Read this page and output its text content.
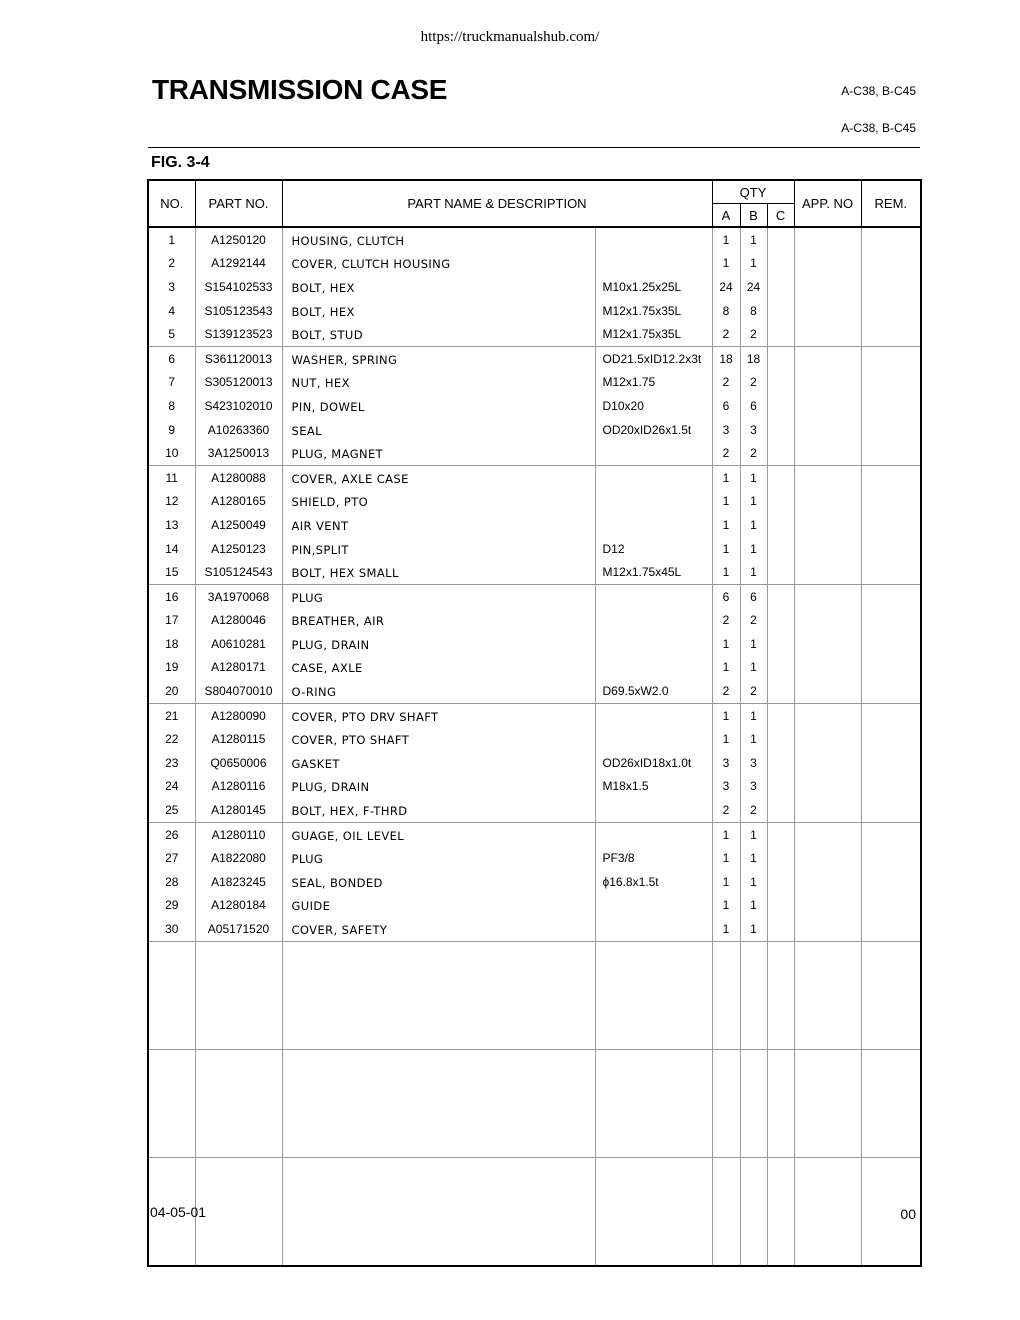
https://truckmanualshub.com/
TRANSMISSION CASE	A-C38, B-C45
A-C38, B-C45
FIG. 3-4
NO.	PART NO.	PART NAME & DESCRIPTION		QTY			APP. NO	REM.
				A	B	C		
1	A1250120	HOUSING, CLUTCH		1	1			
2	A1292144	COVER, CLUTCH HOUSING		1	1			
3	S154102533	BOLT, HEX	M10x1.25x25L	24	24			
4	S105123543	BOLT, HEX	M12x1.75x35L	8	8			
5	S139123523	BOLT, STUD	M12x1.75x35L	2	2			
6	S361120013	WASHER, SPRING	OD21.5xID12.2x3t	18	18			
7	S305120013	NUT, HEX	M12x1.75	2	2			
8	S423102010	PIN, DOWEL	D10x20	6	6			
9	A10263360	SEAL	OD20xID26x1.5t	3	3			
10	3A1250013	PLUG, MAGNET		2	2			
11	A1280088	COVER, AXLE CASE		1	1			
12	A1280165	SHIELD, PTO		1	1			
13	A1250049	AIR VENT		1	1			
14	A1250123	PIN,SPLIT	D12	1	1			
15	S105124543	BOLT, HEX SMALL	M12x1.75x45L	1	1			
16	3A1970068	PLUG		6	6			
17	A1280046	BREATHER, AIR		2	2			
18	A0610281	PLUG, DRAIN		1	1			
19	A1280171	CASE, AXLE		1	1			
20	S804070010	O-RING	D69.5xW2.0	2	2			
21	A1280090	COVER, PTO DRV SHAFT		1	1			
22	A1280115	COVER, PTO SHAFT		1	1			
23	Q0650006	GASKET	OD26xID18x1.0t	3	3			
24	A1280116	PLUG, DRAIN	M18x1.5	3	3			
25	A1280145	BOLT, HEX, F-THRD		2	2			
26	A1280110	GUAGE, OIL LEVEL		1	1			
27	A1822080	PLUG	PF3/8	1	1			
28	A1823245	SEAL, BONDED	ϕ16.8x1.5t	1	1			
29	A1280184	GUIDE		1	1			
30	A05171520	COVER, SAFETY		1	1			

04-05-01	00
